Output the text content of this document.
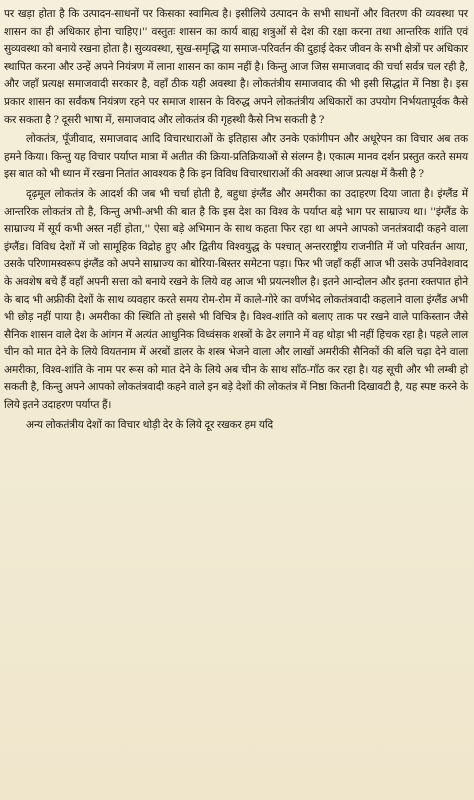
पर खड़ा होता है कि उत्पादन-साधनों पर किसका स्वामित्व है। इसीलिये उत्पादन के सभी साधनों और वितरण की व्यवस्था पर शासन का ही अधिकार होना चाहिए।'' वस्तुतः शासन का कार्य बाह्य शत्रुओं से देश की रक्षा करना तथा आन्तरिक शांति एवं सुव्यवस्था को बनाये रखना होता है। सुव्यवस्था, सुख-समृद्धि या समाज-परिवर्तन की दुहाई देकर जीवन के सभी क्षेत्रों पर अधिकार स्थापित करना और उन्हें अपने नियंत्रण में लाना शासन का काम नहीं है। किन्तु आज जिस समाजवाद की चर्चा सर्वत्र चल रही है, और जहाँ प्रत्यक्ष समाजवादी सरकार है, वहाँ ठीक यही अवस्था है। लोकतंत्रीय समाजवाद की भी इसी सिद्धांत में निष्ठा है। इस प्रकार शासन का सर्वंकष नियंत्रण रहने पर समाज शासन के विरुद्ध अपने लोकतंत्रीय अधिकारों का उपयोग निर्भयतापूर्वक कैसे कर सकता है ? दूसरी भाषा में, समाजवाद और लोकतंत्र की गृहस्थी कैसे निभ सकती है ?

लोकतंत्र, पूँजीवाद, समाजवाद आदि विचारधाराओं के इतिहास और उनके एकांगीपन और अधूरेपन का विचार अब तक हमने किया। किन्तु यह विचार पर्याप्त मात्रा में अतीत की क्रिया-प्रतिक्रियाओं से संलग्न है। एकात्म मानव दर्शन प्रस्तुत करते समय इस बात को भी ध्यान में रखना नितांत आवश्यक है कि इन विविध विचारधाराओं की अवस्था आज प्रत्यक्ष में कैसी है ?

दृढ़मूल लोकतंत्र के आदर्श की जब भी चर्चा होती है, बहुधा इंग्लैंड और अमरीका का उदाहरण दिया जाता है। इंग्लैंड में आन्तरिक लोकतंत्र तो है, किन्तु अभी-अभी की बात है कि इस देश का विश्व के पर्याप्त बड़े भाग पर साम्राज्य था। ''इंग्लैंड के साम्राज्य में सूर्य कभी अस्त नहीं होता,'' ऐसा बड़े अभिमान के साथ कहता फिर रहा था अपने आपको जनतंत्रवादी कहने वाला इंग्लैंड। विविध देशों में जो सामूहिक विद्रोह हुए और द्वितीय विश्वयुद्ध के पश्चात् अन्तरराष्ट्रीय राजनीति में जो परिवर्तन आया, उसके परिणामस्वरूप इंग्लैंड को अपने साम्राज्य का बोरिया-बिस्तर समेटना पड़ा। फिर भी जहाँ कहीं आज भी उसके उपनिवेशवाद के अवशेष बचे हैं वहाँ अपनी सत्ता को बनाये रखने के लिये वह आज भी प्रयत्नशील है। इतने आन्दोलन और इतना रक्तपात होने के बाद भी अफ्रीकी देशों के साथ व्यवहार करते समय रोम-रोम में काले-गोरे का वर्णभेद लोकतंत्रवादी कहलाने वाला इंग्लैंड अभी भी छोड़ नहीं पाया है। अमरीका की स्थिति तो इससे भी विचित्र है। विश्व-शांति को बलाए ताक पर रखने वाले पाकिस्तान जैसे सैनिक शासन वाले देश के आंगन में अत्यंत आधुनिक विध्वंसक शस्त्रों के ढेर लगाने में वह थोड़ा भी नहीं हिचक रहा है। पहले लाल चीन को मात देने के लिये वियतनाम में अरबों डालर के शस्त्र भेजने वाला और लाखों अमरीकी सैनिकों की बलि चढ़ा देने वाला अमरीका, विश्व-शांति के नाम पर रूस को मात देने के लिये अब चीन के साथ साँठ-गाँठ कर रहा है। यह सूची और भी लम्बी हो सकती है, किन्तु अपने आपको लोकतंत्रवादी कहने वाले इन बड़े देशों की लोकतंत्र में निष्ठा कितनी दिखावटी है, यह स्पष्ट करने के लिये इतने उदाहरण पर्याप्त हैं।

अन्य लोकतंत्रीय देशों का विचार थोड़ी देर के लिये दूर रखकर हम यदि
